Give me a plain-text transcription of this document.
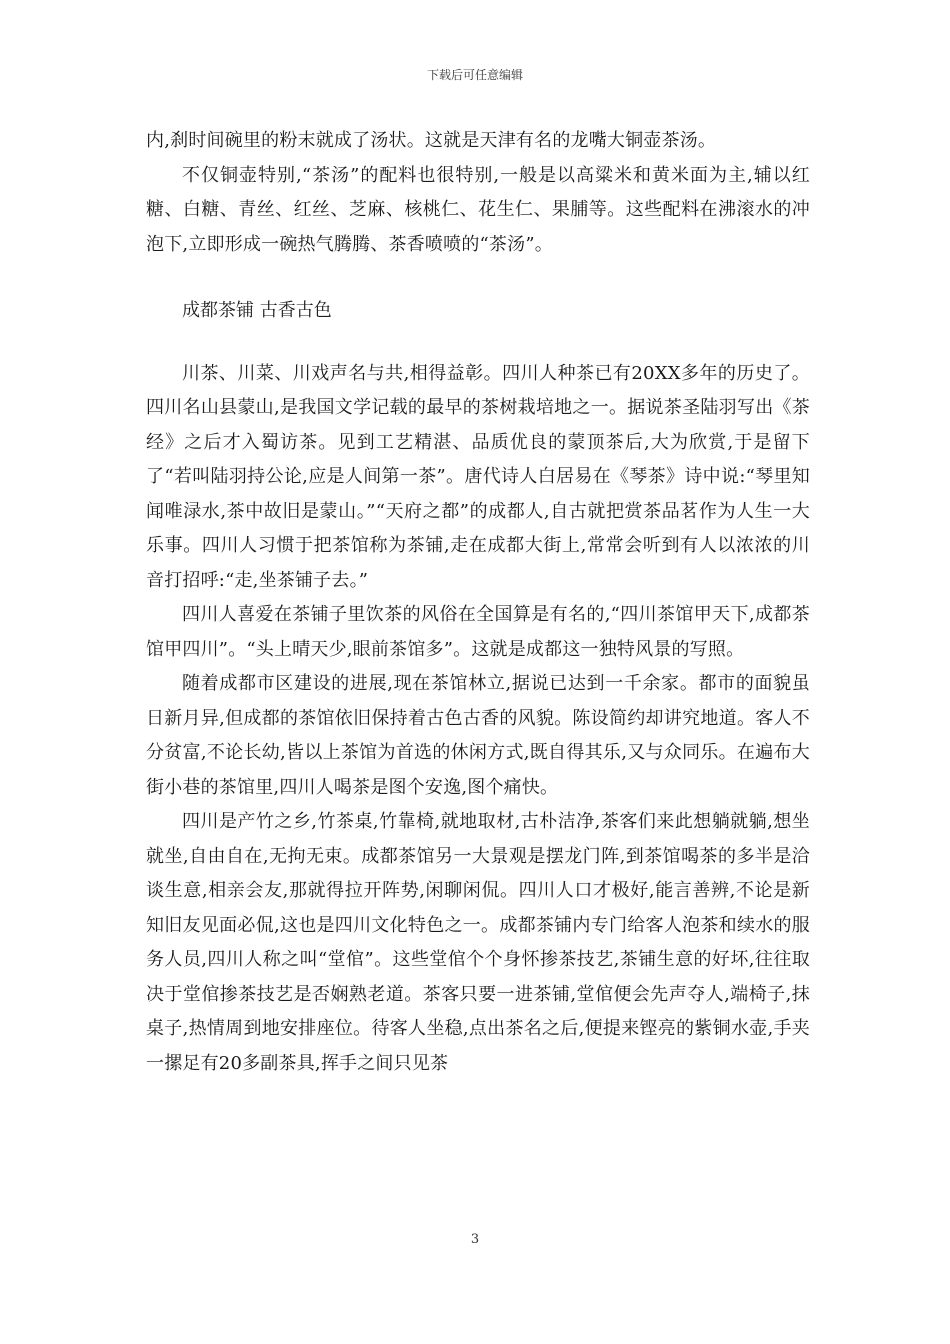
下载后可任意编辑

内,刹时间碗里的粉末就成了汤状。这就是天津有名的龙嘴大铜壶茶汤。

不仅铜壶特别,“茶汤”的配料也很特别,一般是以高粱米和黄米面为主,辅以红糖、白糖、青丝、红丝、芝麻、核桃仁、花生仁、果脯等。这些配料在沸滚水的冲泡下,立即形成一碗热气腾腾、茶香喷喷的“茶汤”。

成都茶铺 古香古色

川茶、川菜、川戏声名与共,相得益彰。四川人种茶已有20XX多年的历史了。四川名山县蒙山,是我国文学记载的最早的茶树栽培地之一。据说茶圣陆羽写出《茶经》之后才入蜀访茶。见到工艺精湛、品质优良的蒙顶茶后,大为欣赏,于是留下了“若叫陆羽持公论,应是人间第一茶”。唐代诗人白居易在《琴茶》诗中说:“琴里知闻唯渌水,茶中故旧是蒙山。”“天府之都”的成都人,自古就把赏茶品茗作为人生一大乐事。四川人习惯于把茶馆称为茶铺,走在成都大街上,常常会听到有人以浓浓的川音打招呼:“走,坐茶铺子去。”

四川人喜爱在茶铺子里饮茶的风俗在全国算是有名的,“四川茶馆甲天下,成都茶馆甲四川”。“头上晴天少,眼前茶馆多”。这就是成都这一独特风景的写照。

随着成都市区建设的进展,现在茶馆林立,据说已达到一千余家。都市的面貌虽日新月异,但成都的茶馆依旧保持着古色古香的风貌。陈设简约却讲究地道。客人不分贫富,不论长幼,皆以上茶馆为首选的休闲方式,既自得其乐,又与众同乐。在遍布大街小巷的茶馆里,四川人喝茶是图个安逸,图个痛快。

四川是产竹之乡,竹茶桌,竹靠椅,就地取材,古朴洁净,茶客们来此想躺就躺,想坐就坐,自由自在,无拘无束。成都茶馆另一大景观是摆龙门阵,到茶馆喝茶的多半是洽谈生意,相亲会友,那就得拉开阵势,闲聊闲侃。四川人口才极好,能言善辨,不论是新知旧友见面必侃,这也是四川文化特色之一。成都茶铺内专门给客人泡茶和续水的服务人员,四川人称之叫“堂倌”。这些堂倌个个身怀掺茶技艺,茶铺生意的好坏,往往取决于堂倌掺茶技艺是否娴熟老道。茶客只要一进茶铺,堂倌便会先声夺人,端椅子,抹桌子,热情周到地安排座位。待客人坐稳,点出茶名之后,便提来铿亮的紫铜水壶,手夹一摞足有20多副茶具,挥手之间只见茶

3
